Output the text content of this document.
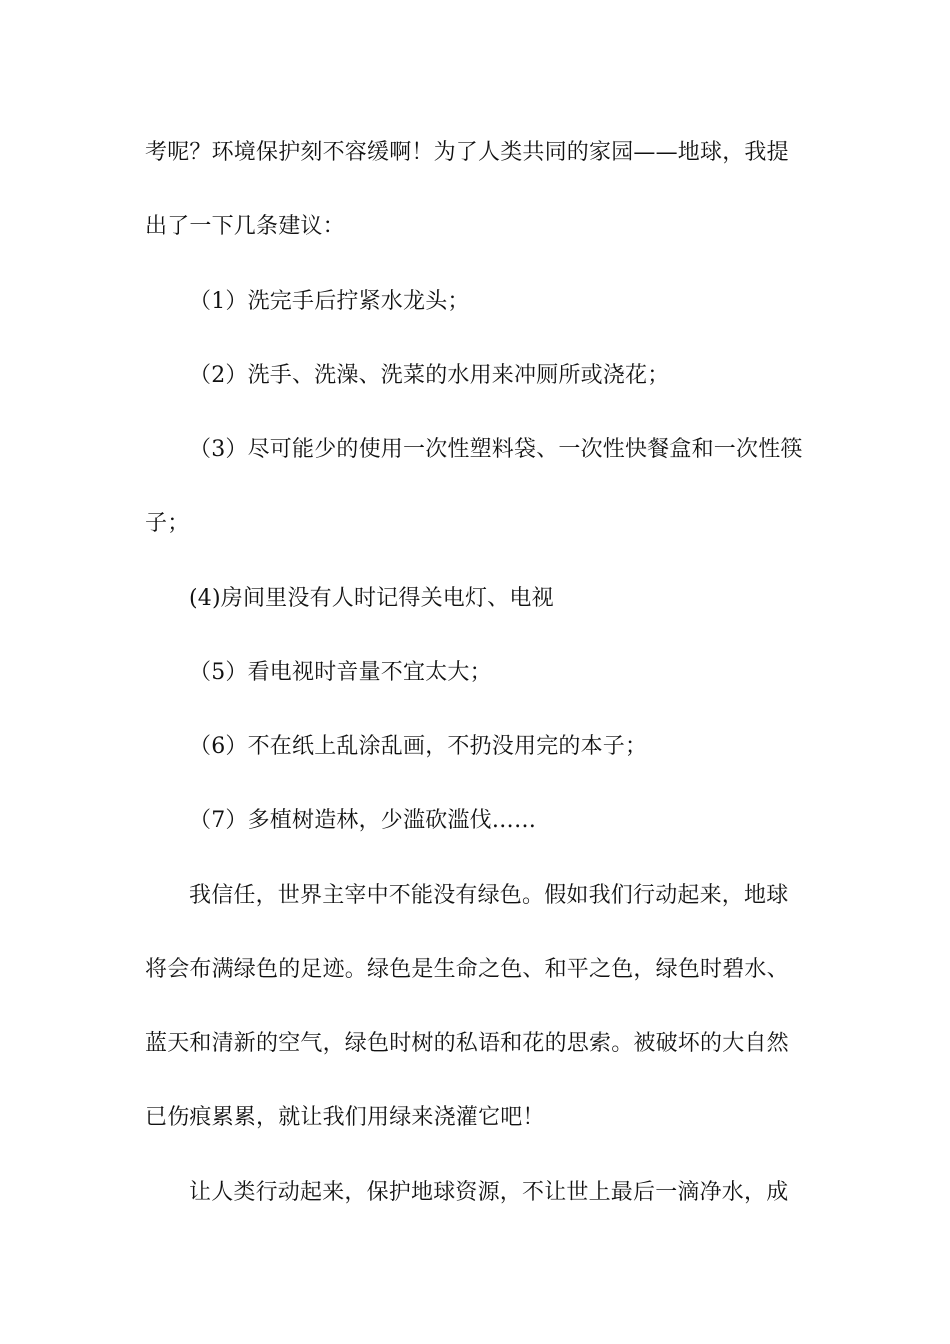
考呢？环境保护刻不容缓啊！为了人类共同的家园——地球，我提
出了一下几条建议：
（1）洗完手后拧紧水龙头；
（2）洗手、洗澡、洗菜的水用来冲厕所或浇花；
（3）尽可能少的使用一次性塑料袋、一次性快餐盒和一次性筷
子；
(4)房间里没有人时记得关电灯、电视
（5）看电视时音量不宜太大；
（6）不在纸上乱涂乱画，不扔没用完的本子；
（7）多植树造林，少滥砍滥伐……
我信任，世界主宰中不能没有绿色。假如我们行动起来，地球
将会布满绿色的足迹。绿色是生命之色、和平之色，绿色时碧水、
蓝天和清新的空气，绿色时树的私语和花的思索。被破坏的大自然
已伤痕累累，就让我们用绿来浇灌它吧！
让人类行动起来，保护地球资源，不让世上最后一滴净水，成
